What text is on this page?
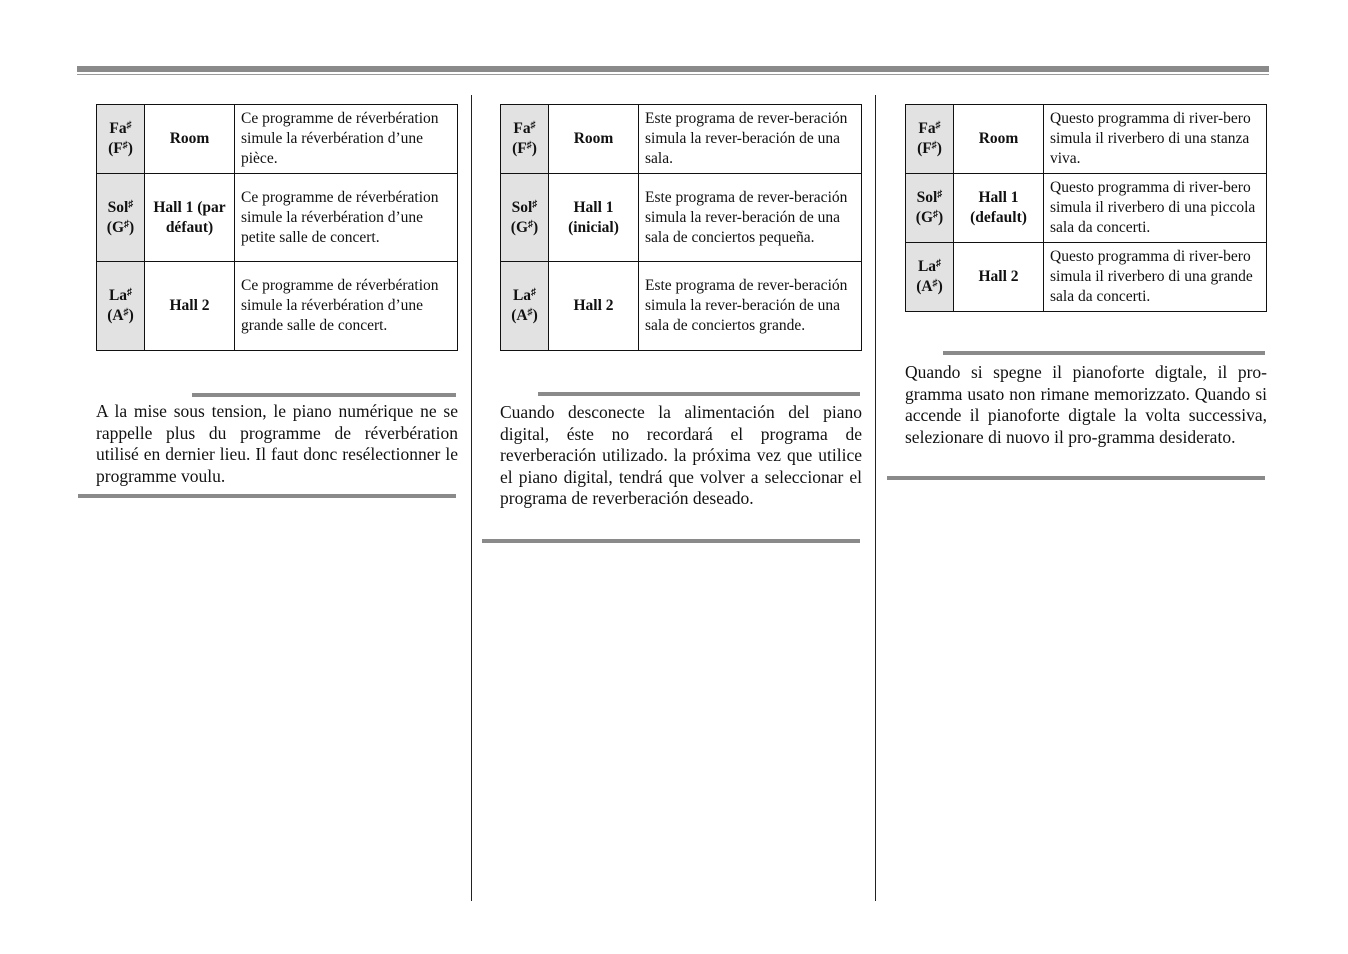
Fa♯
(F♯)	Room	Ce programme de réverbération simule la réverbération d’une pièce.
Sol♯
(G♯)	Hall 1 (par défaut)	Ce programme de réverbération simule la réverbération d’une petite salle de concert.
La♯
(A♯)	Hall 2	Ce programme de réverbération simule la réverbération d’une grande salle de concert.

A la mise sous tension, le piano numérique ne se rappelle plus du programme de réverbération utilisé en dernier lieu. Il faut donc resélectionner le programme voulu.

Fa♯
(F♯)	Room	Este programa de rever-beración simula la rever-beración de una sala.
Sol♯
(G♯)	Hall 1 (inicial)	Este programa de rever-beración simula la rever-beración de una sala de conciertos pequeña.
La♯
(A♯)	Hall 2	Este programa de rever-beración simula la rever-beración de una sala de conciertos grande.

Cuando desconecte la alimentación del piano digital, éste no recordará el programa de reverberación utilizado. la próxima vez que utilice el piano digital, tendrá que volver a seleccionar el programa de reverberación deseado.

Fa♯
(F♯)	Room	Questo programma di river-bero simula il riverbero di una stanza viva.
Sol♯
(G♯)	Hall 1 (default)	Questo programma di river-bero simula il riverbero di una piccola sala da concerti.
La♯
(A♯)	Hall 2	Questo programma di river-bero simula il riverbero di una grande sala da concerti.

Quando si spegne il pianoforte digtale, il pro-gramma usato non rimane memorizzato. Quando si accende il pianoforte digtale la volta successiva, selezionare di nuovo il pro-gramma desiderato.
